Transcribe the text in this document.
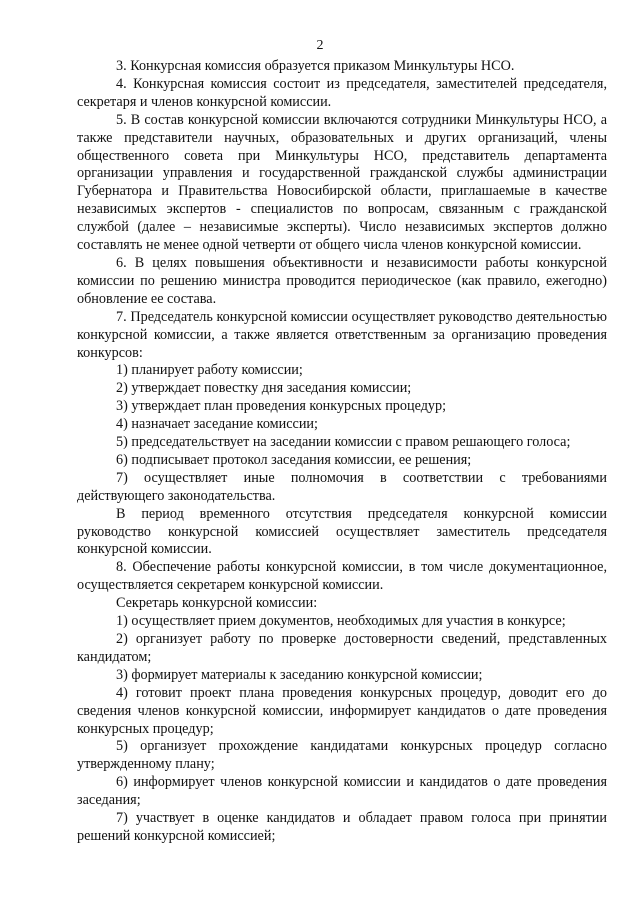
2

3. Конкурсная комиссия образуется приказом Минкультуры НСО.

4. Конкурсная комиссия состоит из председателя, заместителей председателя, секретаря и членов конкурсной комиссии.

5. В состав конкурсной комиссии включаются сотрудники Минкультуры НСО, а также представители научных, образовательных и других организаций, члены общественного совета при Минкультуры НСО, представитель департамента организации управления и государственной гражданской службы администрации Губернатора и Правительства Новосибирской области, приглашаемые в качестве независимых экспертов - специалистов по вопросам, связанным с гражданской службой (далее – независимые эксперты). Число независимых экспертов должно составлять не менее одной четверти от общего числа членов конкурсной комиссии.

6. В целях повышения объективности и независимости работы конкурсной комиссии по решению министра проводится периодическое (как правило, ежегодно) обновление ее состава.

7. Председатель конкурсной комиссии осуществляет руководство деятельностью конкурсной комиссии, а также является ответственным за организацию проведения конкурсов:

1) планирует работу комиссии;

2) утверждает повестку дня заседания комиссии;

3) утверждает план проведения конкурсных процедур;

4) назначает заседание комиссии;

5) председательствует на заседании комиссии с правом решающего голоса;

6) подписывает протокол заседания комиссии, ее решения;

7) осуществляет иные полномочия в соответствии с требованиями действующего законодательства.

В период временного отсутствия председателя конкурсной комиссии руководство конкурсной комиссией осуществляет заместитель председателя конкурсной комиссии.

8. Обеспечение работы конкурсной комиссии, в том числе документационное, осуществляется секретарем конкурсной комиссии.

Секретарь конкурсной комиссии:

1) осуществляет прием документов, необходимых для участия в конкурсе;

2) организует работу по проверке достоверности сведений, представленных кандидатом;

3) формирует материалы к заседанию конкурсной комиссии;

4) готовит проект плана проведения конкурсных процедур, доводит его до сведения членов конкурсной комиссии, информирует кандидатов о дате проведения конкурсных процедур;

5) организует прохождение кандидатами конкурсных процедур согласно утвержденному плану;

6) информирует членов конкурсной комиссии и кандидатов о дате проведения заседания;

7) участвует в оценке кандидатов и обладает правом голоса при принятии решений конкурсной комиссией;
